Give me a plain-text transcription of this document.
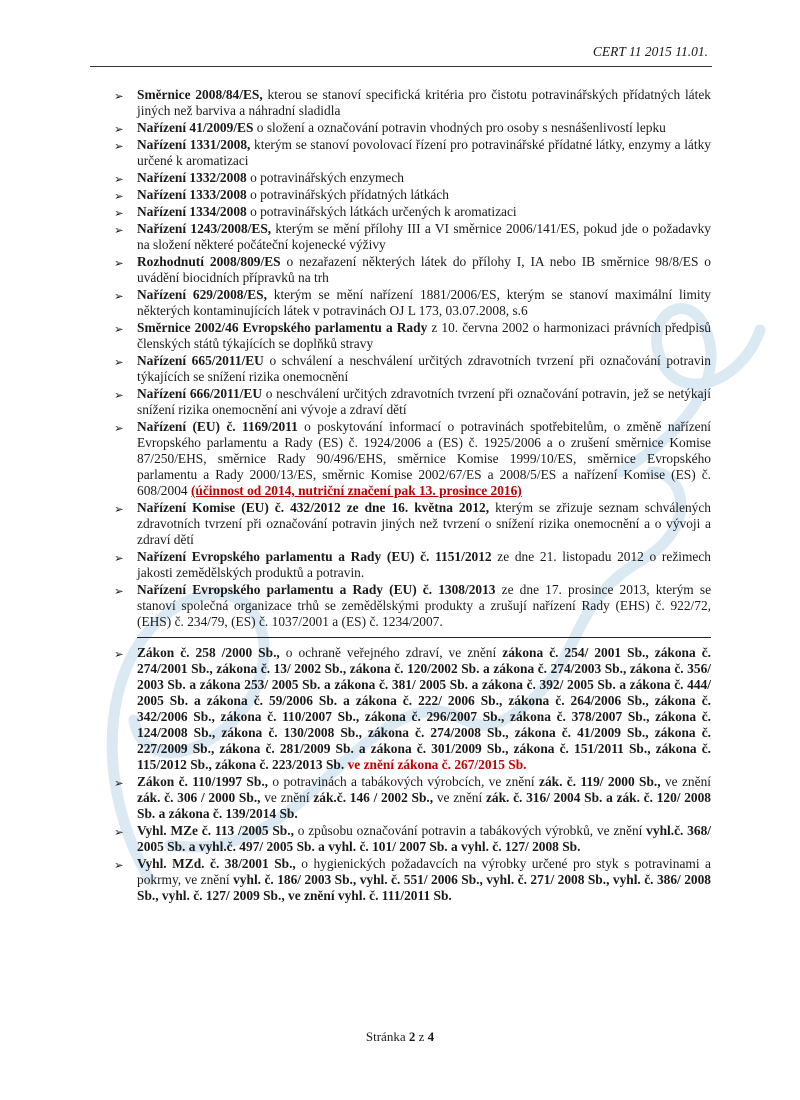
CERT 11 2015 11.01.
➢ Směrnice 2008/84/ES, kterou se stanoví specifická kritéria pro čistotu potravinářských přídatných látek jiných než barviva a náhradní sladidla
➢ Nařízení 41/2009/ES o složení a označování potravin vhodných pro osoby s nesnášenlivostí lepku
➢ Nařízení 1331/2008, kterým se stanoví povolovací řízení pro potravinářské přídatné látky, enzymy a látky určené k aromatizaci
➢ Nařízení 1332/2008 o potravinářských enzymech
➢ Nařízení 1333/2008 o potravinářských přídatných látkách
➢ Nařízení 1334/2008 o potravinářských látkách určených k aromatizaci
➢ Nařízení 1243/2008/ES, kterým se mění přílohy III a VI směrnice 2006/141/ES, pokud jde o požadavky na složení některé počáteční kojenecké výživy
➢ Rozhodnutí 2008/809/ES o nezařazení některých látek do přílohy I, IA nebo IB směrnice 98/8/ES o uvádění biocidních přípravků na trh
➢ Nařízení 629/2008/ES, kterým se mění nařízení 1881/2006/ES, kterým se stanoví maximální limity některých kontaminujících látek v potravinách OJ L 173, 03.07.2008, s.6
➢ Směrnice 2002/46 Evropského parlamentu a Rady z 10. června 2002 o harmonizaci právních předpisů členských států týkajících se doplňků stravy
➢ Nařízení 665/2011/EU o schválení a neschválení určitých zdravotních tvrzení při označování potravin týkajících se snížení rizika onemocnění
➢ Nařízení 666/2011/EU o neschválení určitých zdravotních tvrzení při označování potravin, jež se netýkají snížení rizika onemocnění ani vývoje a zdraví dětí
➢ Nařízení (EU) č. 1169/2011 o poskytování informací o potravinách spotřebitelům, o změně nařízení Evropského parlamentu a Rady (ES) č. 1924/2006 a (ES) č. 1925/2006 a o zrušení směrnice Komise 87/250/EHS, směrnice Rady 90/496/EHS, směrnice Komise 1999/10/ES, směrnice Evropského parlamentu a Rady 2000/13/ES, směrnic Komise 2002/67/ES a 2008/5/ES a nařízení Komise (ES) č. 608/2004 (účinnost od 2014, nutriční značení pak 13. prosince 2016)
➢ Nařízení Komise (EU) č. 432/2012 ze dne 16. května 2012, kterým se zřizuje seznam schválených zdravotních tvrzení při označování potravin jiných než tvrzení o snížení rizika onemocnění a o vývoji a zdraví dětí
➢ Nařízení Evropského parlamentu a Rady (EU) č. 1151/2012 ze dne 21. listopadu 2012 o režimech jakosti zemědělských produktů a potravin.
➢ Nařízení Evropského parlamentu a Rady (EU) č. 1308/2013 ze dne 17. prosince 2013, kterým se stanoví společná organizace trhů se zemědělskými produkty a zrušují nařízení Rady (EHS) č. 922/72, (EHS) č. 234/79, (ES) č. 1037/2001 a (ES) č. 1234/2007.
➢ Zákon č. 258 /2000 Sb., o ochraně veřejného zdraví, ve znění zákona č. 254/ 2001 Sb., zákona č. 274/2001 Sb., zákona č. 13/ 2002 Sb., zákona č. 120/2002 Sb. a zákona č. 274/2003 Sb., zákona č. 356/ 2003 Sb. a zákona 253/ 2005 Sb. a zákona č. 381/ 2005 Sb. a zákona č. 392/ 2005 Sb. a zákona č. 444/ 2005 Sb. a zákona č. 59/2006 Sb. a zákona č. 222/ 2006 Sb., zákona č. 264/2006 Sb., zákona č. 342/2006 Sb., zákona č. 110/2007 Sb., zákona č. 296/2007 Sb., zákona č. 378/2007 Sb., zákona č. 124/2008 Sb., zákona č. 130/2008 Sb., zákona č. 274/2008 Sb., zákona č. 41/2009 Sb., zákona č. 227/2009 Sb., zákona č. 281/2009 Sb. a zákona č. 301/2009 Sb., zákona č. 151/2011 Sb., zákona č. 115/2012 Sb., zákona č. 223/2013 Sb. ve znění zákona č. 267/2015 Sb.
➢ Zákon č. 110/1997 Sb., o potravinách a tabákových výrobcích, ve znění zák. č. 119/ 2000 Sb., ve znění zák. č. 306 / 2000 Sb., ve znění zák.č. 146 / 2002 Sb., ve znění zák. č. 316/ 2004 Sb. a zák. č. 120/ 2008 Sb. a zákona č. 139/2014 Sb.
➢ Vyhl. MZe č. 113 /2005 Sb., o způsobu označování potravin a tabákových výrobků, ve znění vyhl.č. 368/ 2005 Sb. a vyhl.č. 497/ 2005 Sb. a vyhl. č. 101/ 2007 Sb. a vyhl. č. 127/ 2008 Sb.
➢ Vyhl. MZd. č. 38/2001 Sb., o hygienických požadavcích na výrobky určené pro styk s potravinami a pokrmy, ve znění vyhl. č. 186/ 2003 Sb., vyhl. č. 551/ 2006 Sb., vyhl. č. 271/ 2008 Sb., vyhl. č. 386/ 2008 Sb., vyhl. č. 127/ 2009 Sb., ve znění vyhl. č. 111/2011 Sb.
Stránka 2 z 4
